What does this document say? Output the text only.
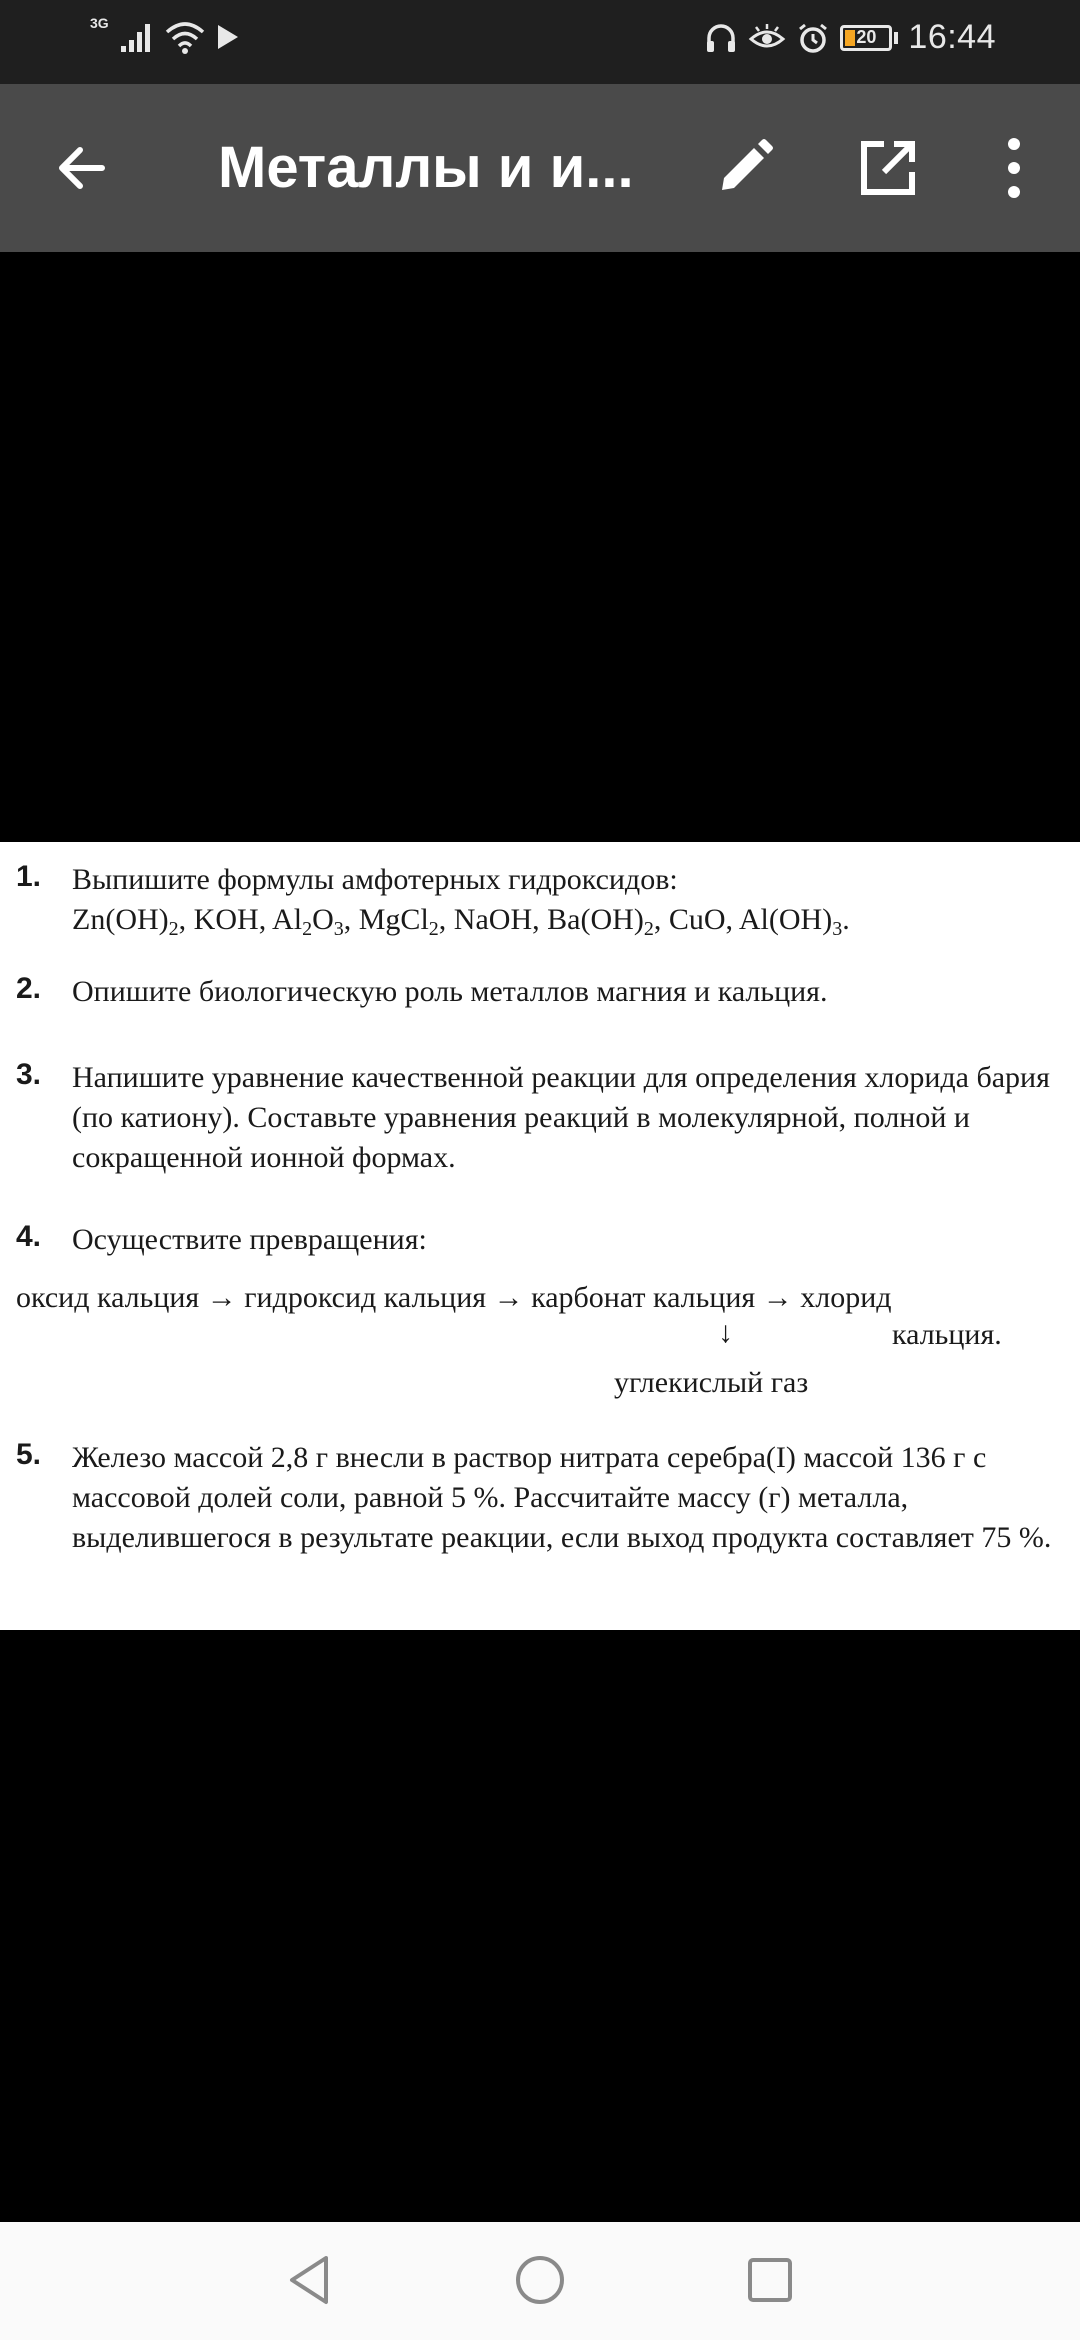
3G
20 16:44
Металлы и и...
1. Выпишите формулы амфотерных гидроксидов:
$Zn(OH)_2$, KOH, $Al_2O_3$, MgCl$_2$, NaOH, $Ba(OH)_2$, CuO, $Al(OH)_3$.
2. Опишите биологическую роль металлов магния и кальция.
3. Напишите уравнение качественной реакции для определения хлорида бария (по катиону). Составьте уравнения реакций в молекулярной, полной и сокращенной ионной формах.
4. Осуществите превращения:
оксид кальция → гидроксид кальция → карбонат кальция → хлорид
кальция.
↓
углекислый газ
5. Железо массой 2,8 г внесли в раствор нитрата серебра(I) массой 136 г с массовой долей соли, равной 5 %. Рассчитайте массу (г) металла, выделившегося в результате реакции, если выход продукта составляет 75 %.
